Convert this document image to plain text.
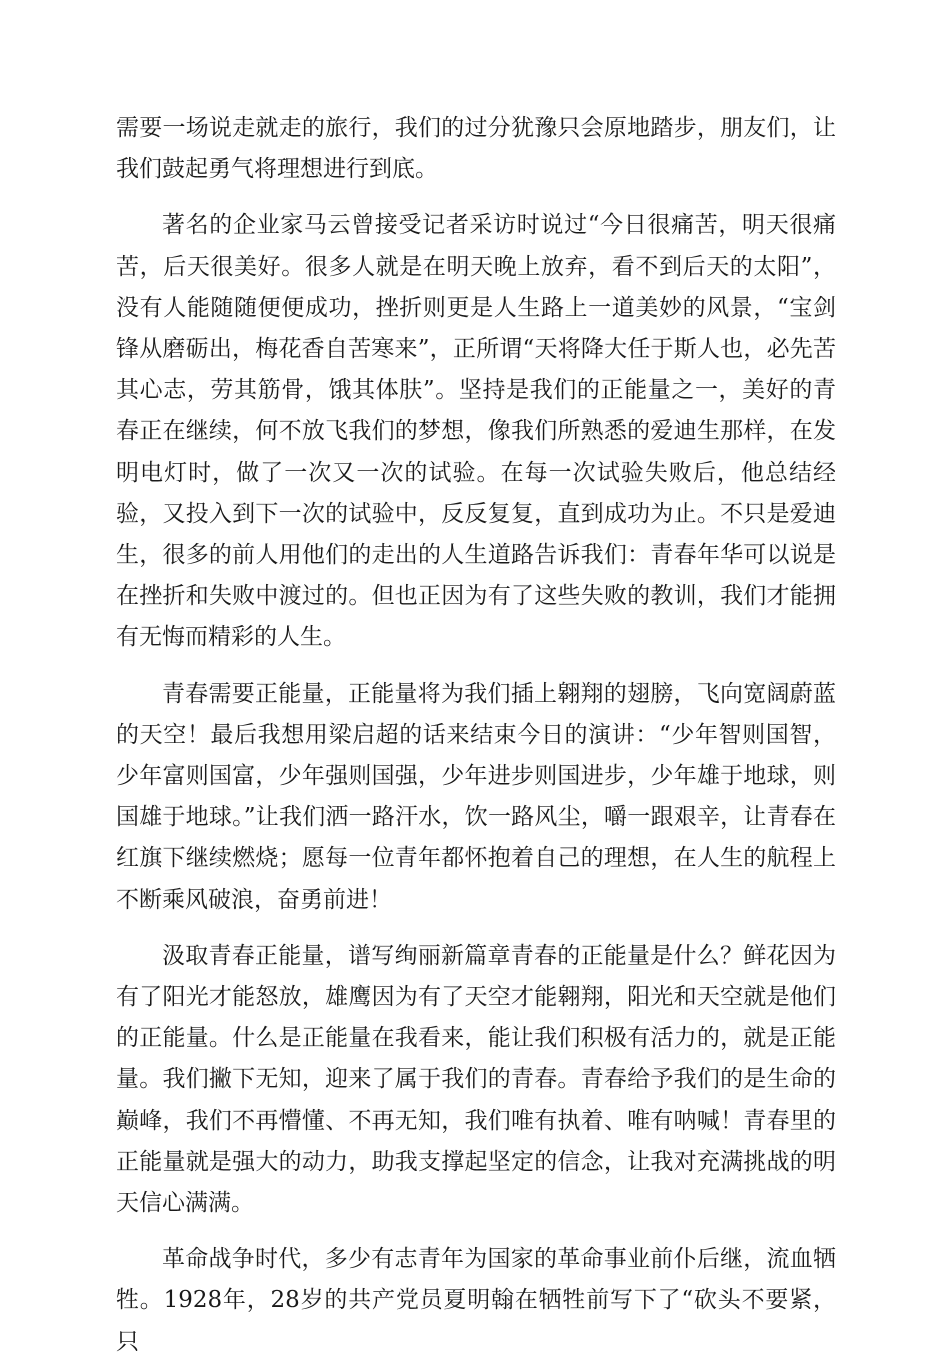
需要一场说走就走的旅行，我们的过分犹豫只会原地踏步，朋友们，让我们鼓起勇气将理想进行到底。

著名的企业家马云曾接受记者采访时说过“今日很痛苦，明天很痛苦，后天很美好。很多人就是在明天晚上放弃，看不到后天的太阳”，没有人能随随便便成功，挫折则更是人生路上一道美妙的风景，“宝剑锋从磨砺出，梅花香自苦寒来”，正所谓“天将降大任于斯人也，必先苦其心志，劳其筋骨，饿其体肤”。坚持是我们的正能量之一，美好的青春正在继续，何不放飞我们的梦想，像我们所熟悉的爱迪生那样，在发明电灯时，做了一次又一次的试验。在每一次试验失败后，他总结经验，又投入到下一次的试验中，反反复复，直到成功为止。不只是爱迪生，很多的前人用他们的走出的人生道路告诉我们：青春年华可以说是在挫折和失败中渡过的。但也正因为有了这些失败的教训，我们才能拥有无悔而精彩的人生。

青春需要正能量，正能量将为我们插上翱翔的翅膀，飞向宽阔蔚蓝的天空！最后我想用梁启超的话来结束今日的演讲：“少年智则国智，少年富则国富，少年强则国强，少年进步则国进步，少年雄于地球，则国雄于地球。”让我们洒一路汗水，饮一路风尘，嚼一跟艰辛，让青春在红旗下继续燃烧；愿每一位青年都怀抱着自己的理想，在人生的航程上不断乘风破浪，奋勇前进！

汲取青春正能量，谱写绚丽新篇章青春的正能量是什么？鲜花因为有了阳光才能怒放，雄鹰因为有了天空才能翱翔，阳光和天空就是他们的正能量。什么是正能量在我看来，能让我们积极有活力的，就是正能量。我们撇下无知，迎来了属于我们的青春。青春给予我们的是生命的巅峰，我们不再懵懂、不再无知，我们唯有执着、唯有呐喊！青春里的正能量就是强大的动力，助我支撑起坚定的信念，让我对充满挑战的明天信心满满。

革命战争时代，多少有志青年为国家的革命事业前仆后继，流血牺牲。1928年，28岁的共产党员夏明翰在牺牲前写下了“砍头不要紧，只
